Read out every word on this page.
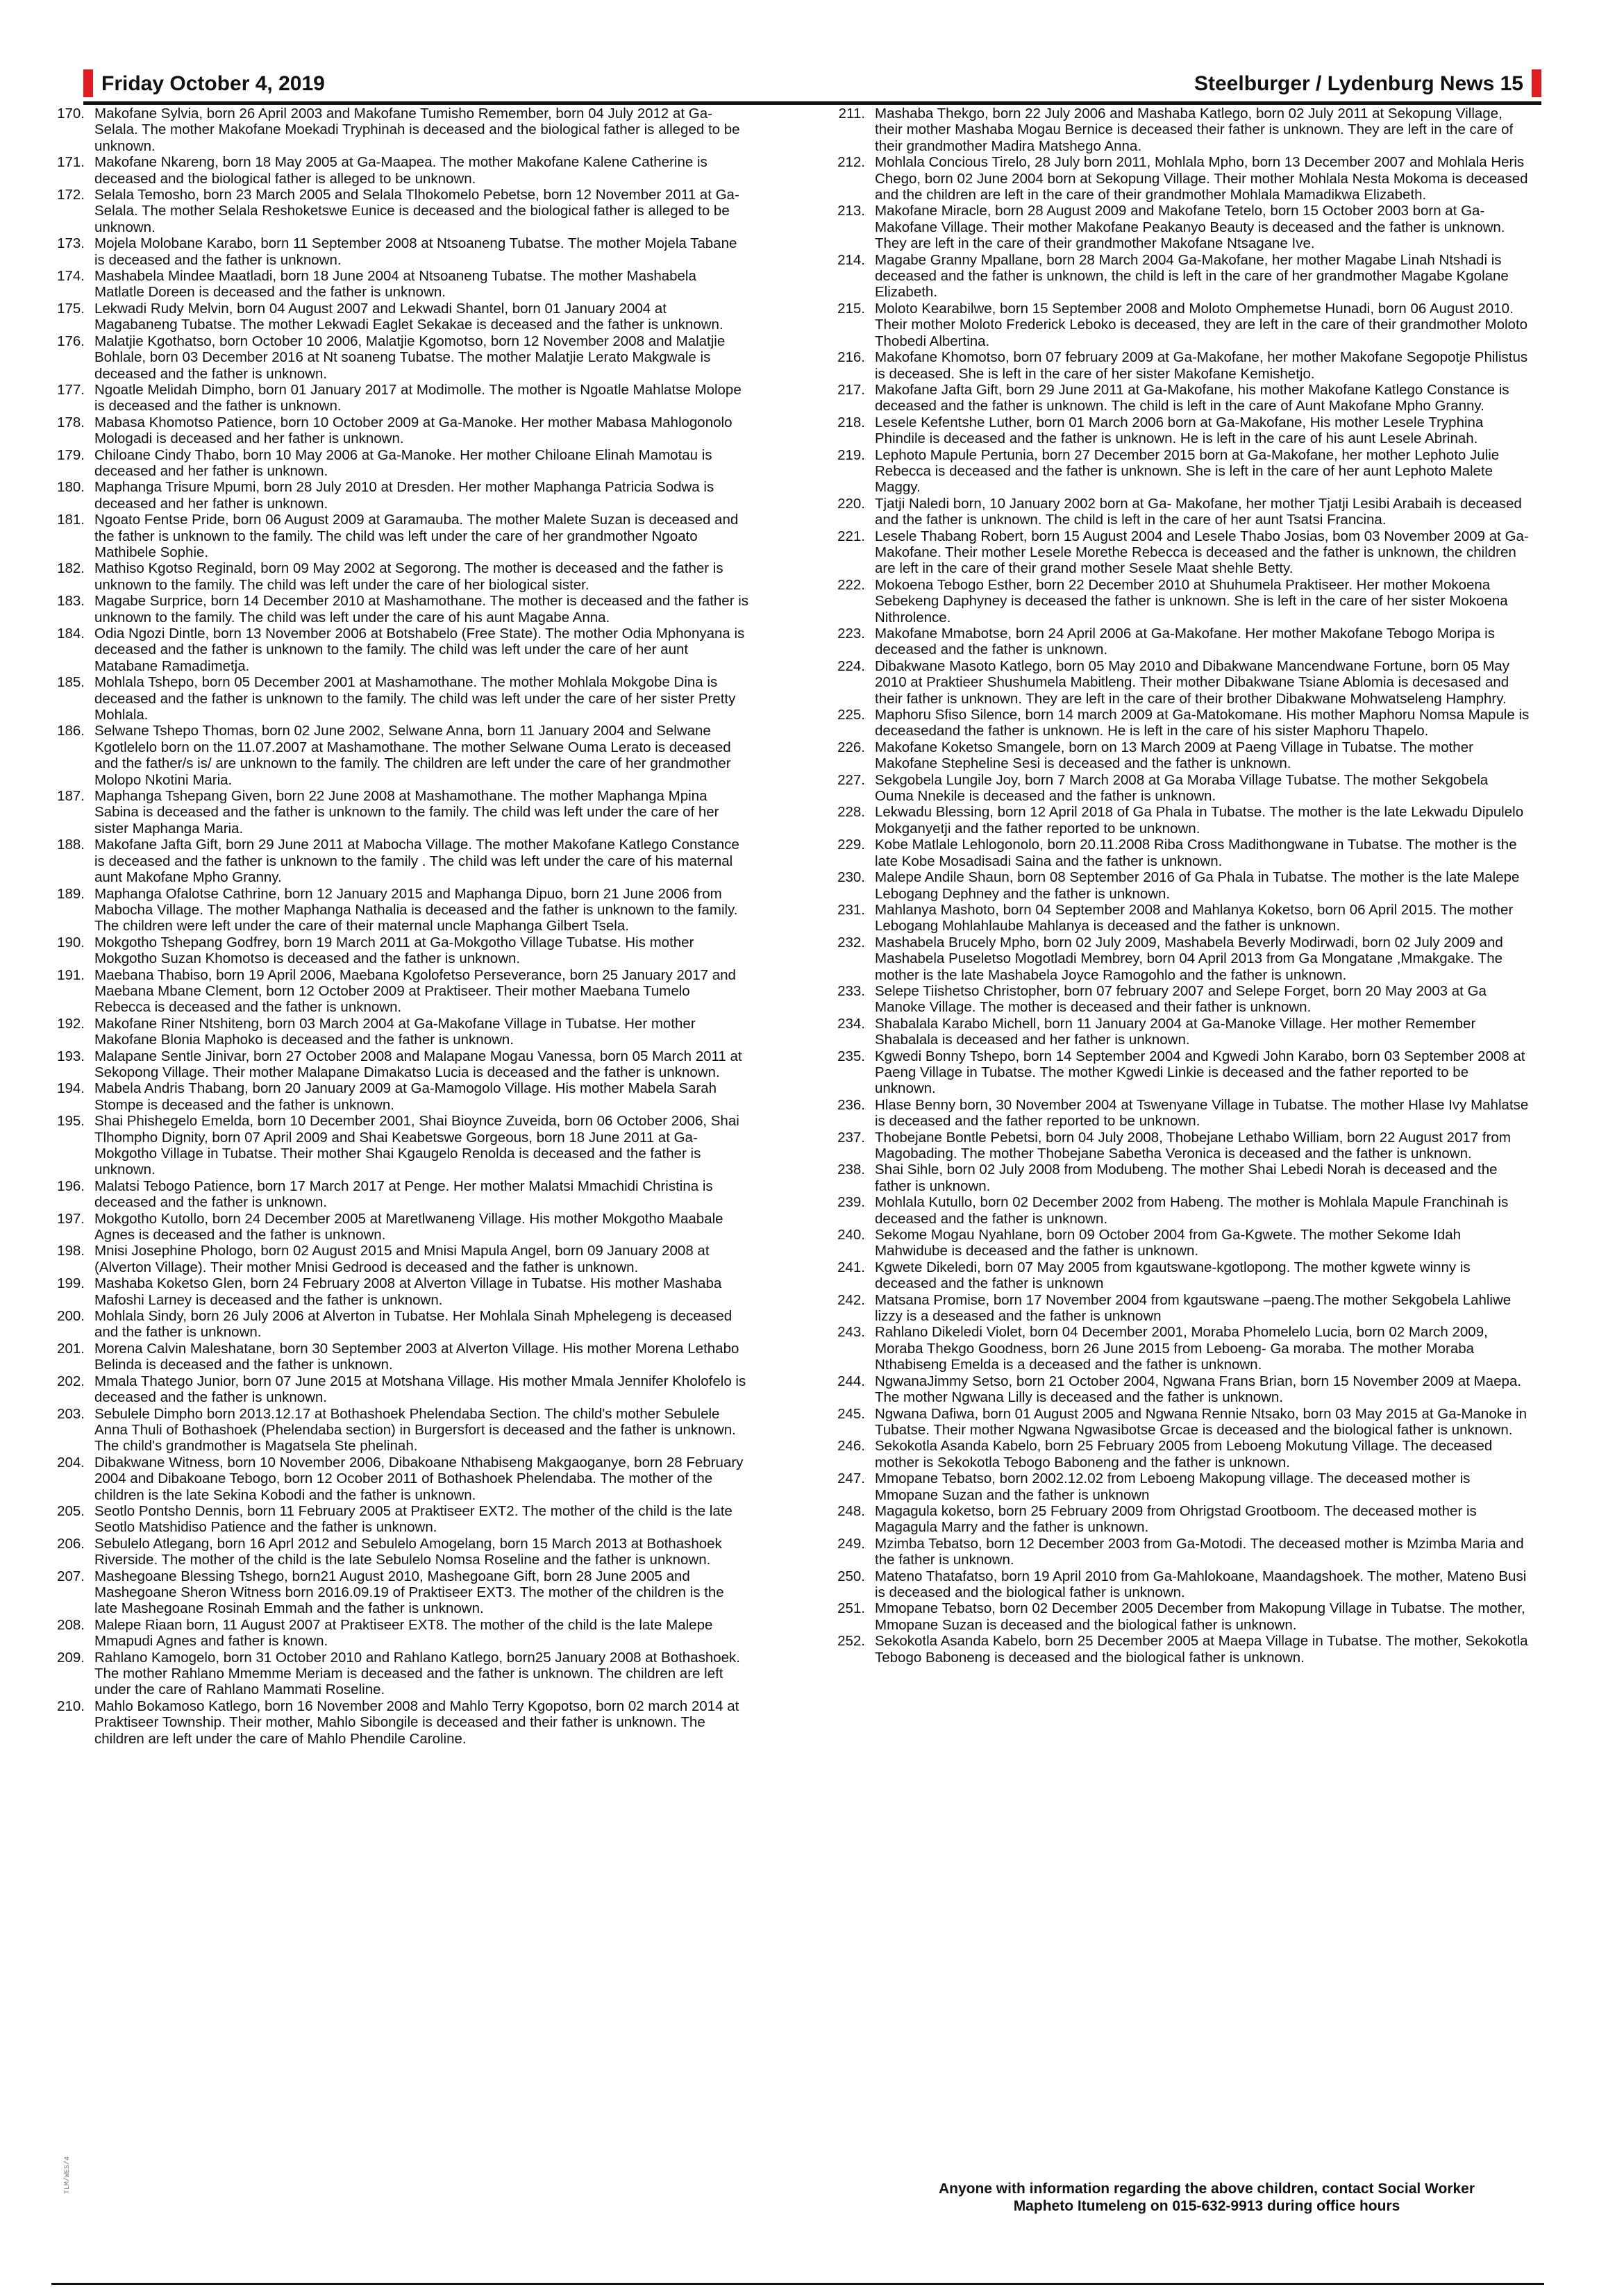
Friday October 4, 2019	Steelburger / Lydenburg News 15
170. Makofane Sylvia, born 26 April 2003 and Makofane Tumisho Remember, born 04 July 2012 at Ga-Selala. The mother Makofane Moekadi Tryphinah is deceased and the biological father is alleged to be unknown.
171. Makofane Nkareng, born 18 May 2005 at Ga-Maapea. The mother Makofane Kalene Catherine is deceased and the biological father is alleged to be unknown.
172. Selala Temosho, born 23 March 2005 and Selala Tlhokomelo Pebetse, born 12 November 2011 at Ga-Selala. The mother Selala Reshoketswe Eunice is deceased and the biological father is alleged to be unknown.
173. Mojela Molobane Karabo, born 11 September 2008 at Ntsoaneng Tubatse. The mother Mojela Tabane is deceased and the father is unknown.
174. Mashabela Mindee Maatladi, born 18 June 2004 at Ntsoaneng Tubatse. The mother Mashabela Matlatle Doreen is deceased and the father is unknown.
175. Lekwadi Rudy Melvin, born 04 August 2007 and Lekwadi Shantel, born 01 January 2004 at Magabaneng Tubatse. The mother Lekwadi Eaglet Sekakae is deceased and the father is unknown.
176. Malatjie Kgothatso, born October 10 2006, Malatjie Kgomotso, born 12 November 2008 and Malatjie Bohlale, born 03 December 2016 at Nt soaneng Tubatse. The mother Malatjie Lerato Makgwale is deceased and the father is unknown.
177. Ngoatle Melidah Dimpho, born 01 January 2017 at Modimolle. The mother is Ngoatle Mahlatse Molope is deceased and the father is unknown.
178. Mabasa Khomotso Patience, born 10 October 2009 at Ga-Manoke. Her mother Mabasa Mahlogonolo Mologadi is deceased and her father is unknown.
179. Chiloane Cindy Thabo, born 10 May 2006 at Ga-Manoke. Her mother Chiloane Elinah Mamotau is deceased and her father is unknown.
180. Maphanga Trisure Mpumi, born 28 July 2010 at Dresden. Her mother Maphanga Patricia Sodwa is deceased and her father is unknown.
181. Ngoato Fentse Pride, born 06 August 2009 at Garamauba. The mother Malete Suzan is deceased and the father is unknown to the family. The child was left under the care of her grandmother Ngoato Mathibele Sophie.
182. Mathiso Kgotso Reginald, born 09 May 2002 at Segorong. The mother is deceased and the father is unknown to the family. The child was left under the care of her biological sister.
183. Magabe Surprice, born 14 December 2010 at Mashamothane. The mother is deceased and the father is unknown to the family. The child was left under the care of his aunt Magabe Anna.
184. Odia Ngozi Dintle, born 13 November 2006 at Botshabelo (Free State). The mother Odia Mphonyana is deceased and the father is unknown to the family. The child was left under the care of her aunt Matabane Ramadimetja.
185. Mohlala Tshepo, born 05 December 2001 at Mashamothane. The mother Mohlala Mokgobe Dina is deceased and the father is unknown to the family. The child was left under the care of her sister Pretty Mohlala.
186. Selwane Tshepo Thomas, born 02 June 2002, Selwane Anna, born 11 January 2004 and Selwane Kgotlelelo born on the 11.07.2007 at Mashamothane. The mother Selwane Ouma Lerato is deceased and the father/s is/ are unknown to the family. The children are left under the care of her grandmother Molopo Nkotini Maria.
187. Maphanga Tshepang Given, born 22 June 2008 at Mashamothane. The mother Maphanga Mpina Sabina is deceased and the father is unknown to the family. The child was left under the care of her sister Maphanga Maria.
188. Makofane Jafta Gift, born 29 June 2011 at Mabocha Village. The mother Makofane Katlego Constance is deceased and the father is unknown to the family . The child was left under the care of his maternal aunt Makofane Mpho Granny.
189. Maphanga Ofalotse Cathrine, born 12 January 2015 and Maphanga Dipuo, born 21 June 2006 from Mabocha Village. The mother Maphanga Nathalia is deceased and the father is unknown to the family. The children were left under the care of their maternal uncle Maphanga Gilbert Tsela.
190. Mokgotho Tshepang Godfrey, born 19 March 2011 at Ga-Mokgotho Village Tubatse. His mother Mokgotho Suzan Khomotso is deceased and the father is unknown.
191. Maebana Thabiso, born 19 April 2006, Maebana Kgolofetso Perseverance, born 25 January 2017 and Maebana Mbane Clement, born 12 October 2009 at Praktiseer. Their mother Maebana Tumelo Rebecca is deceased and the father is unknown.
192. Makofane Riner Ntshiteng, born 03 March 2004 at Ga-Makofane Village in Tubatse. Her mother Makofane Blonia Maphoko is deceased and the father is unknown.
193. Malapane Sentle Jinivar, born 27 October 2008 and Malapane Mogau Vanessa, born 05 March 2011 at Sekopong Village. Their mother Malapane Dimakatso Lucia is deceased and the father is unknown.
194. Mabela Andris Thabang, born 20 January 2009 at Ga-Mamogolo Village. His mother Mabela Sarah Stompe is deceased and the father is unknown.
195. Shai Phishegelo Emelda, born 10 December 2001, Shai Bioynce Zuveida, born 06 October 2006, Shai Tlhompho Dignity, born 07 April 2009 and Shai Keabetswe Gorgeous, born 18 June 2011 at Ga-Mokgotho Village in Tubatse. Their mother Shai Kgaugelo Renolda is deceased and the father is unknown.
196. Malatsi Tebogo Patience, born 17 March 2017 at Penge. Her mother Malatsi Mmachidi Christina is deceased and the father is unknown.
197. Mokgotho Kutollo, born 24 December 2005 at Maretlwaneng Village. His mother Mokgotho Maabale Agnes is deceased and the father is unknown.
198. Mnisi Josephine Phologo, born 02 August 2015 and Mnisi Mapula Angel, born 09 January 2008 at (Alverton Village). Their mother Mnisi Gedrood is deceased and the father is unknown.
199. Mashaba Koketso Glen, born 24 February 2008 at Alverton Village in Tubatse. His mother Mashaba Mafoshi Larney is deceased and the father is unknown.
200. Mohlala Sindy, born 26 July 2006 at Alverton in Tubatse. Her Mohlala Sinah Mphelegeng is deceased and the father is unknown.
201. Morena Calvin Maleshatane, born 30 September 2003 at Alverton Village. His mother Morena Lethabo Belinda is deceased and the father is unknown.
202. Mmala Thatego Junior, born 07 June 2015 at Motshana Village. His mother Mmala Jennifer Kholofelo is deceased and the father is unknown.
203. Sebulele Dimpho born 2013.12.17 at Bothashoek Phelendaba Section. The child's mother Sebulele Anna Thuli of Bothashoek (Phelendaba section) in Burgersfort is deceased and the father is unknown. The child's grandmother is Magatsela Ste phelinah.
204. Dibakwane Witness, born 10 November 2006, Dibakoane Nthabiseng Makgaoganye, born 28 February 2004 and Dibakoane Tebogo, born 12 Ocober 2011 of Bothashoek Phelendaba. The mother of the children is the late Sekina Kobodi and the father is unknown.
205. Seotlo Pontsho Dennis, born 11 February 2005 at Praktiseer EXT2. The mother of the child is the late Seotlo Matshidiso Patience and the father is unknown.
206. Sebulelo Atlegang, born 16 Aprl 2012 and Sebulelo Amogelang, born 15 March 2013 at Bothashoek Riverside. The mother of the child is the late Sebulelo Nomsa Roseline and the father is unknown.
207. Mashegoane Blessing Tshego, born21 August 2010, Mashegoane Gift, born 28 June 2005 and Mashegoane Sheron Witness born 2016.09.19 of Praktiseer EXT3. The mother of the children is the late Mashegoane Rosinah Emmah and the father is unknown.
208. Malepe Riaan born, 11 August 2007 at Praktiseer EXT8. The mother of the child is the late Malepe Mmapudi Agnes and father is known.
209. Rahlano Kamogelo, born 31 October 2010 and Rahlano Katlego, born25 January 2008 at Bothashoek. The mother Rahlano Mmemme Meriam is deceased and the father is unknown. The children are left under the care of Rahlano Mammati Roseline.
210. Mahlo Bokamoso Katlego, born 16 November 2008 and Mahlo Terry Kgopotso, born 02 march 2014 at Praktiseer Township. Their mother, Mahlo Sibongile is deceased and their father is unknown. The children are left under the care of Mahlo Phendile Caroline.
211. Mashaba Thekgo, born 22 July 2006 and Mashaba Katlego, born 02 July 2011 at Sekopung Village, their mother Mashaba Mogau Bernice is deceased their father is unknown. They are left in the care of their grandmother Madira Matshego Anna.
212. Mohlala Concious Tirelo, 28 July born 2011, Mohlala Mpho, born 13 December 2007 and Mohlala Heris Chego, born 02 June 2004 born at Sekopung Village. Their mother Mohlala Nesta Mokoma is deceased and the children are left in the care of their grandmother Mohlala Mamadikwa Elizabeth.
213. Makofane Miracle, born 28 August 2009 and Makofane Tetelo, born 15 October 2003 born at Ga-Makofane Village. Their mother Makofane Peakanyo Beauty is deceased and the father is unknown. They are left in the care of their grandmother Makofane Ntsagane Ive.
214. Magabe Granny Mpallane, born 28 March 2004 Ga-Makofane, her mother Magabe Linah Ntshadi is deceased and the father is unknown, the child is left in the care of her grandmother Magabe Kgolane Elizabeth.
215. Moloto Kearabilwe, born 15 September 2008 and Moloto Omphemetse Hunadi, born 06 August 2010. Their mother Moloto Frederick Leboko is deceased, they are left in the care of their grandmother Moloto Thobedi Albertina.
216. Makofane Khomotso, born 07 february 2009 at Ga-Makofane, her mother Makofane Segopotje Philistus is deceased. She is left in the care of her sister Makofane Kemishetjo.
217. Makofane Jafta Gift, born 29 June 2011 at Ga-Makofane, his mother Makofane Katlego Constance is deceased and the father is unknown. The child is left in the care of Aunt Makofane Mpho Granny.
218. Lesele Kefentshe Luther, born 01 March 2006 born at Ga-Makofane, His mother Lesele Tryphina Phindile is deceased and the father is unknown. He is left in the care of his aunt Lesele Abrinah.
219. Lephoto Mapule Pertunia, born 27 December 2015 born at Ga-Makofane, her mother Lephoto Julie Rebecca is deceased and the father is unknown. She is left in the care of her aunt Lephoto Malete Maggy.
220. Tjatji Naledi born, 10 January 2002 born at Ga- Makofane, her mother Tjatji Lesibi Arabaih is deceased and the father is unknown. The child is left in the care of her aunt Tsatsi Francina.
221. Lesele Thabang Robert, born 15 August 2004 and Lesele Thabo Josias, bom 03 November 2009 at Ga-Makofane. Their mother Lesele Morethe Rebecca is deceased and the father is unknown, the children are left in the care of their grand mother Sesele Maat shehle Betty.
222. Mokoena Tebogo Esther, born 22 December 2010 at Shuhumela Praktiseer. Her mother Mokoena Sebekeng Daphyney is deceased the father is unknown. She is left in the care of her sister Mokoena Nithrolence.
223. Makofane Mmabotse, born 24 April 2006 at Ga-Makofane. Her mother Makofane Tebogo Moripa is deceased and the father is unknown.
224. Dibakwane Masoto Katlego, born 05 May 2010 and Dibakwane Mancendwane Fortune, born 05 May 2010 at Praktieer Shushumela Mabitleng. Their mother Dibakwane Tsiane Ablomia is decesased and their father is unknown. They are left in the care of their brother Dibakwane Mohwatseleng Hamphry.
225. Maphoru Sfiso Silence, born 14 march 2009 at Ga-Matokomane. His mother Maphoru Nomsa Mapule is deceasedand the father is unknown. He is left in the care of his sister Maphoru Thapelo.
226. Makofane Koketso Smangele, born on 13 March 2009 at Paeng Village in Tubatse. The mother Makofane Stepheline Sesi is deceased and the father is unknown.
227. Sekgobela Lungile Joy, born 7 March 2008 at Ga Moraba Village Tubatse. The mother Sekgobela Ouma Nnekile is deceased and the father is unknown.
228. Lekwadu Blessing, born 12 April 2018 of Ga Phala in Tubatse. The mother is the late Lekwadu Dipulelo Mokganyetji and the father reported to be unknown.
229. Kobe Matlale Lehlogonolo, born 20.11.2008 Riba Cross Madithongwane in Tubatse. The mother is the late Kobe Mosadisadi Saina and the father is unknown.
230. Malepe Andile Shaun, born 08 September 2016 of Ga Phala in Tubatse. The mother is the late Malepe Lebogang Dephney and the father is unknown.
231. Mahlanya Mashoto, born 04 September 2008 and Mahlanya Koketso, born 06 April 2015. The mother Lebogang Mohlahlaube Mahlanya is deceased and the father is unknown.
232. Mashabela Brucely Mpho, born 02 July 2009, Mashabela Beverly Modirwadi, born 02 July 2009 and Mashabela Puseletso Mogotladi Membrey, born 04 April 2013 from Ga Mongatane ,Mmakgake. The mother is the late Mashabela Joyce Ramogohlo and the father is unknown.
233. Selepe Tiishetso Christopher, born 07 february 2007 and Selepe Forget, born 20 May 2003 at Ga Manoke Village. The mother is deceased and their father is unknown.
234. Shabalala Karabo Michell, born 11 January 2004 at Ga-Manoke Village. Her mother Remember Shabalala is deceased and her father is unknown.
235. Kgwedi Bonny Tshepo, born 14 September 2004 and Kgwedi John Karabo, born 03 September 2008 at Paeng Village in Tubatse. The mother Kgwedi Linkie is deceased and the father reported to be unknown.
236. Hlase Benny born, 30 November 2004 at Tswenyane Village in Tubatse. The mother Hlase Ivy Mahlatse is deceased and the father reported to be unknown.
237. Thobejane Bontle Pebetsi, born 04 July 2008, Thobejane Lethabo William, born 22 August 2017 from Magobading. The mother Thobejane Sabetha Veronica is deceased and the father is unknown.
238. Shai Sihle, born 02 July 2008 from Modubeng. The mother Shai Lebedi Norah is deceased and the father is unknown.
239. Mohlala Kutullo, born 02 December 2002 from Habeng. The mother is Mohlala Mapule Franchinah is deceased and the father is unknown.
240. Sekome Mogau Nyahlane, born 09 October 2004 from Ga-Kgwete. The mother Sekome Idah Mahwidube is deceased and the father is unknown.
241. Kgwete Dikeledi, born 07 May 2005 from kgautswane-kgotlopong. The mother kgwete winny is deceased and the father is unknown
242. Matsana Promise, born 17 November 2004 from kgautswane –paeng.The mother Sekgobela Lahliwe lizzy is a deseased and the father is unknown
243. Rahlano Dikeledi Violet, born 04 December 2001, Moraba Phomelelo Lucia, born 02 March 2009, Moraba Thekgo Goodness, born 26 June 2015 from Leboeng- Ga moraba. The mother Moraba Nthabiseng Emelda is a deceased and the father is unknown.
244. NgwanaJimmy Setso, born 21 October 2004, Ngwana Frans Brian, born 15 November 2009 at Maepa. The mother Ngwana Lilly is deceased and the father is unknown.
245. Ngwana Dafiwa, born 01 August 2005 and Ngwana Rennie Ntsako, born 03 May 2015 at Ga-Manoke in Tubatse. Their mother Ngwana Ngwasibotse Grcae is deceased and the biological father is unknown.
246. Sekokotla Asanda Kabelo, born 25 February 2005 from Leboeng Mokutung Village. The deceased mother is Sekokotla Tebogo Baboneng and the father is unknown.
247. Mmopane Tebatso, born 2002.12.02 from Leboeng Makopung village. The deceased mother is Mmopane Suzan and the father is unknown
248. Magagula koketso, born 25 February 2009 from Ohrigstad Grootboom. The deceased mother is Magagula Marry and the father is unknown.
249. Mzimba Tebatso, born 12 December 2003 from Ga-Motodi. The deceased mother is Mzimba Maria and the father is unknown.
250. Mateno Thatafatso, born 19 April 2010 from Ga-Mahlokoane, Maandagshoek. The mother, Mateno Busi is deceased and the biological father is unknown.
251. Mmopane Tebatso, born 02 December 2005 December from Makopung Village in Tubatse. The mother, Mmopane Suzan is deceased and the biological father is unknown.
252. Sekokotla Asanda Kabelo, born 25 December 2005 at Maepa Village in Tubatse. The mother, Sekokotla Tebogo Baboneng is deceased and the biological father is unknown.
Anyone with information regarding the above children, contact Social Worker
Mapheto Itumeleng on 015-632-9913 during office hours
TLM/WES/4
